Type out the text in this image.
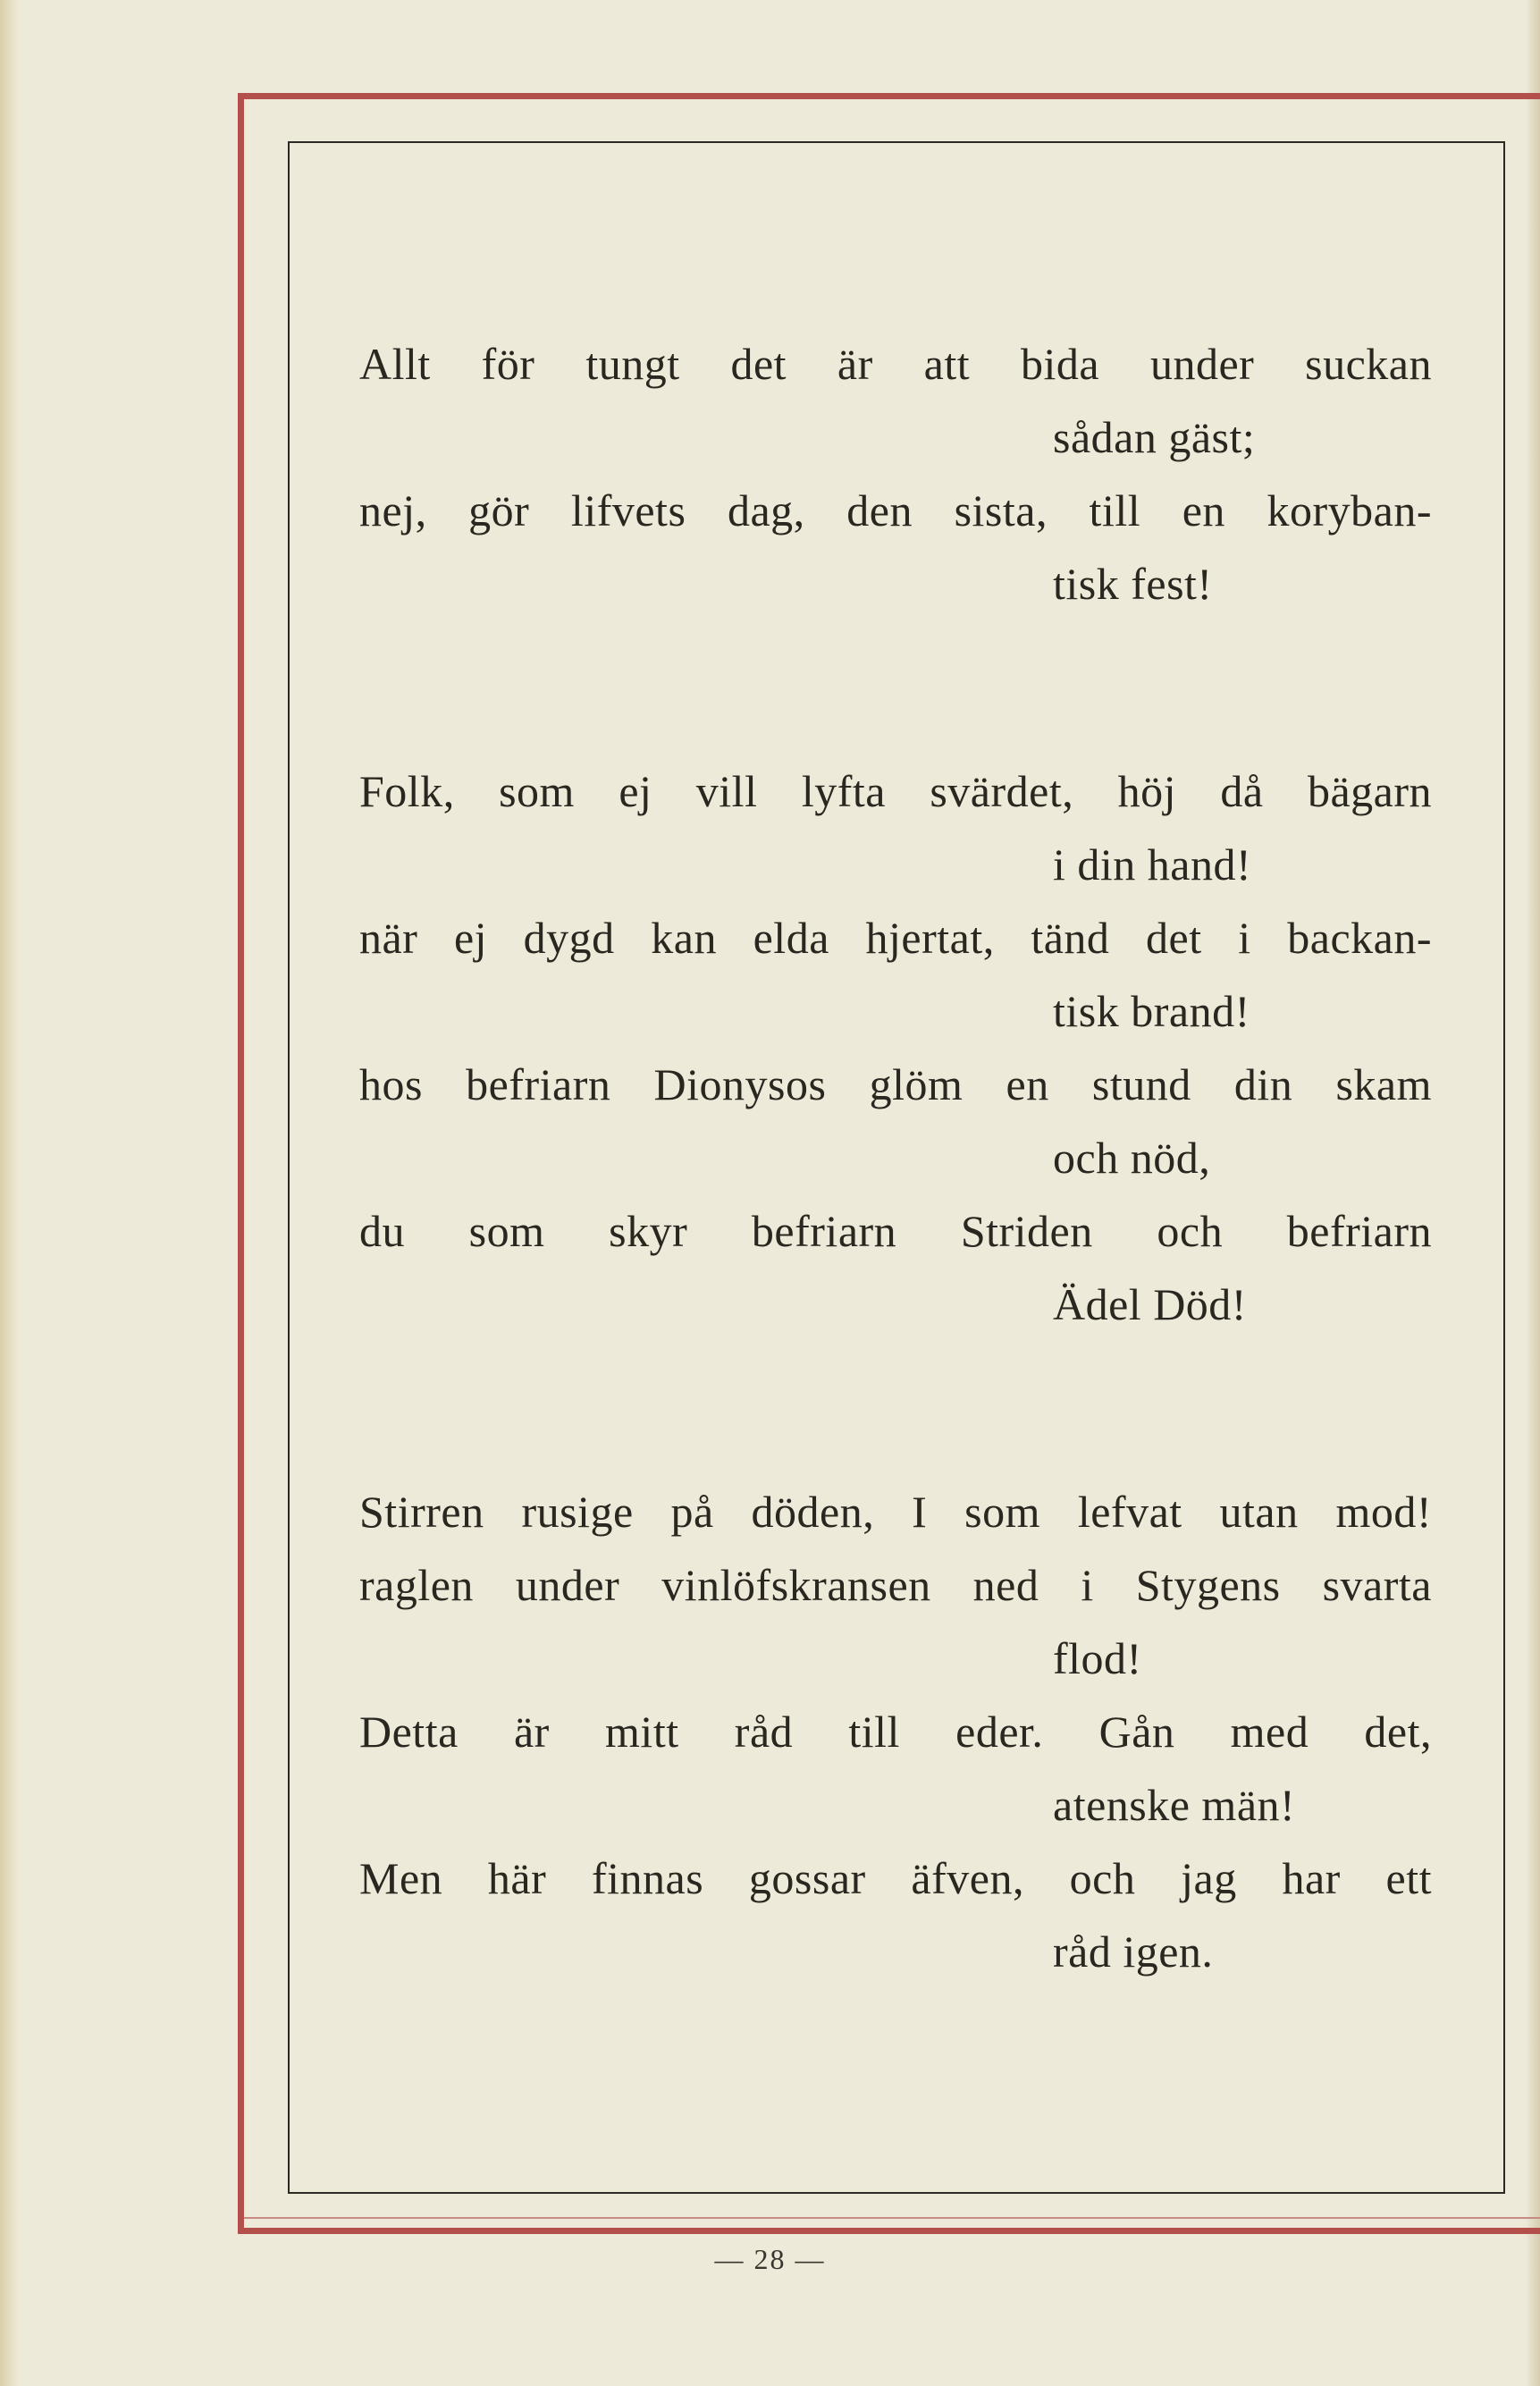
Allt för tungt det är att bida under suckan
sådan gäst;
nej, gör lifvets dag, den sista, till en koryban-
tisk fest!
Folk, som ej vill lyfta svärdet, höj då bägarn
i din hand!
när ej dygd kan elda hjertat, tänd det i backan-
tisk brand!
hos befriarn Dionysos glöm en stund din skam
och nöd,
du som skyr befriarn Striden och befriarn
Ädel Död!
Stirren rusige på döden, I som lefvat utan mod!
raglen under vinlöfskransen ned i Stygens svarta
flod!
Detta är mitt råd till eder. Gån med det,
atenske män!
Men här finnas gossar äfven, och jag har ett
råd igen.
— 28 —
